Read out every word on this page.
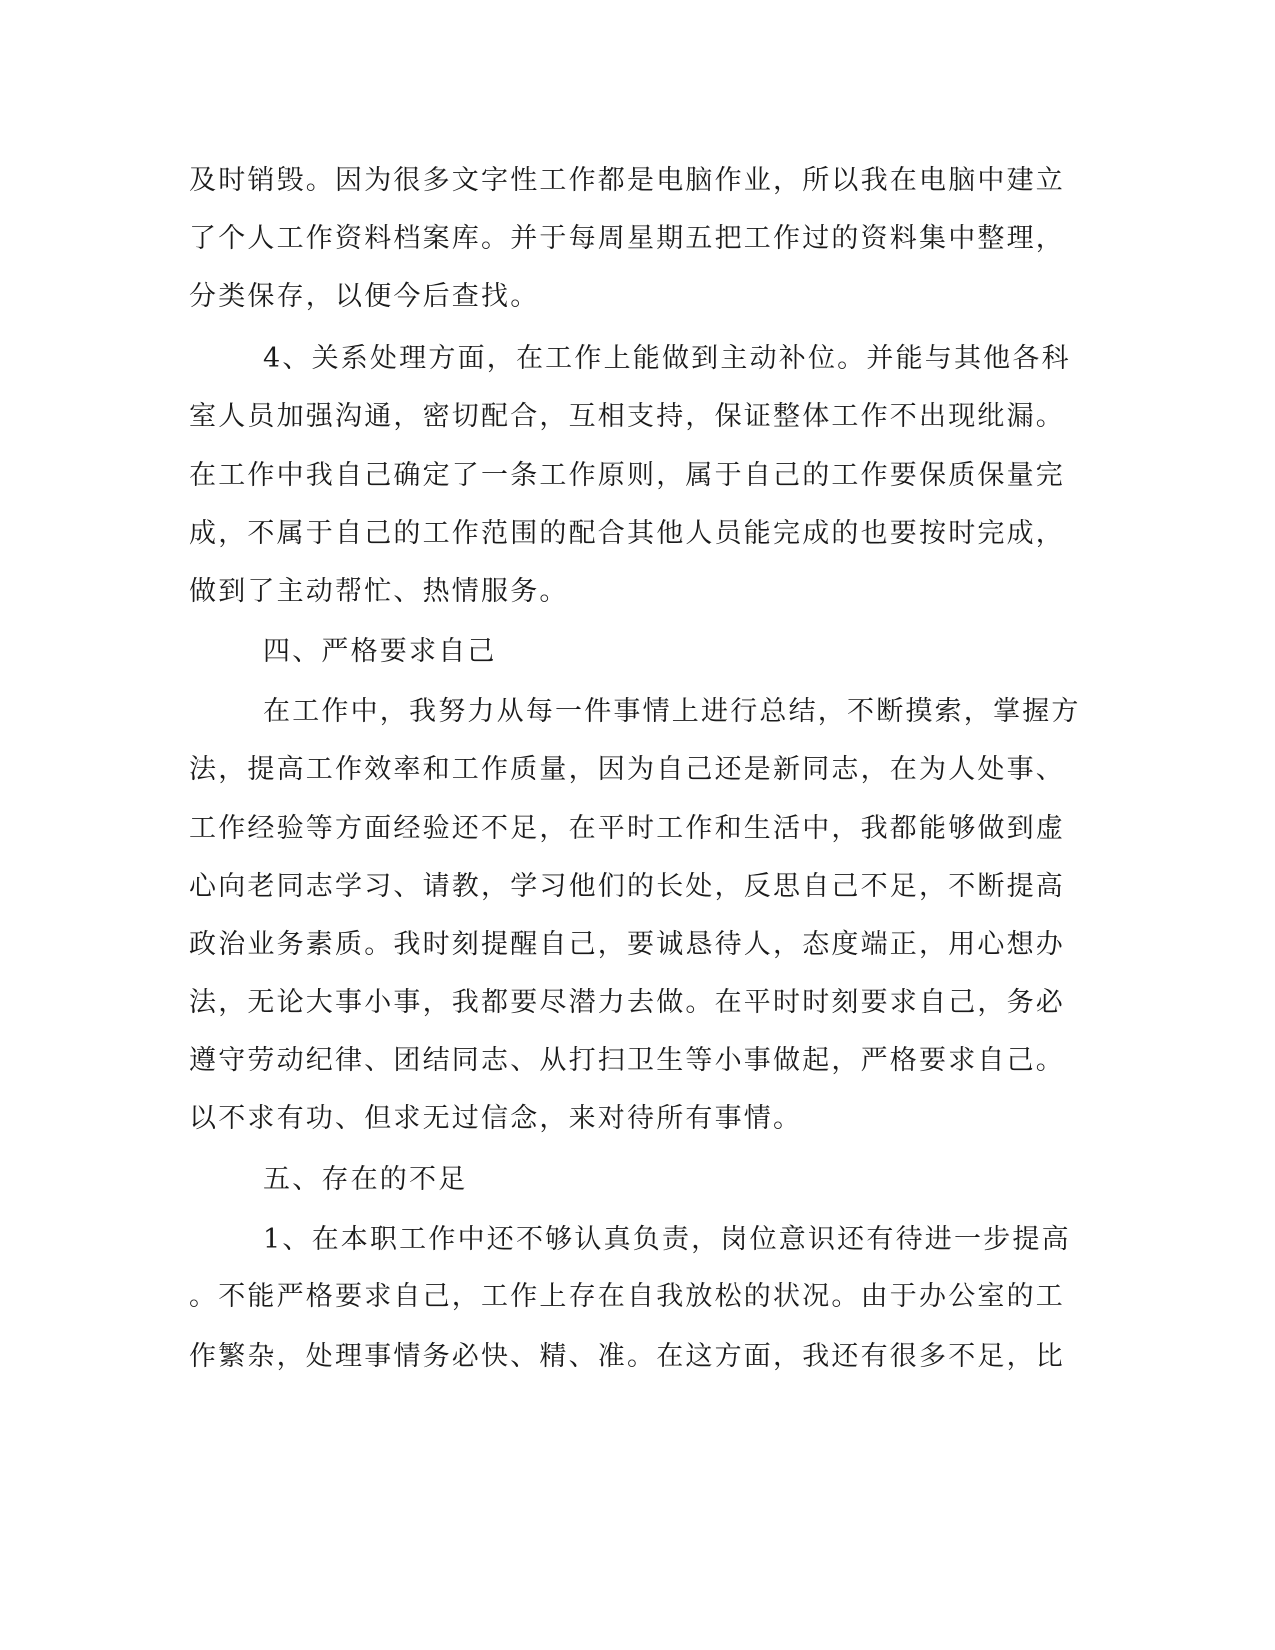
及时销毁。因为很多文字性工作都是电脑作业，所以我在电脑中建立
了个人工作资料档案库。并于每周星期五把工作过的资料集中整理，
分类保存，以便今后查找。
4、关系处理方面，在工作上能做到主动补位。并能与其他各科
室人员加强沟通，密切配合，互相支持，保证整体工作不出现纰漏。
在工作中我自己确定了一条工作原则，属于自己的工作要保质保量完
成，不属于自己的工作范围的配合其他人员能完成的也要按时完成，
做到了主动帮忙、热情服务。
四、严格要求自己
在工作中，我努力从每一件事情上进行总结，不断摸索，掌握方
法，提高工作效率和工作质量，因为自己还是新同志，在为人处事、
工作经验等方面经验还不足，在平时工作和生活中，我都能够做到虚
心向老同志学习、请教，学习他们的长处，反思自己不足，不断提高
政治业务素质。我时刻提醒自己，要诚恳待人，态度端正，用心想办
法，无论大事小事，我都要尽潜力去做。在平时时刻要求自己，务必
遵守劳动纪律、团结同志、从打扫卫生等小事做起，严格要求自己。
以不求有功、但求无过信念，来对待所有事情。
五、存在的不足
1、在本职工作中还不够认真负责，岗位意识还有待进一步提高
。不能严格要求自己，工作上存在自我放松的状况。由于办公室的工
作繁杂，处理事情务必快、精、准。在这方面，我还有很多不足，比
